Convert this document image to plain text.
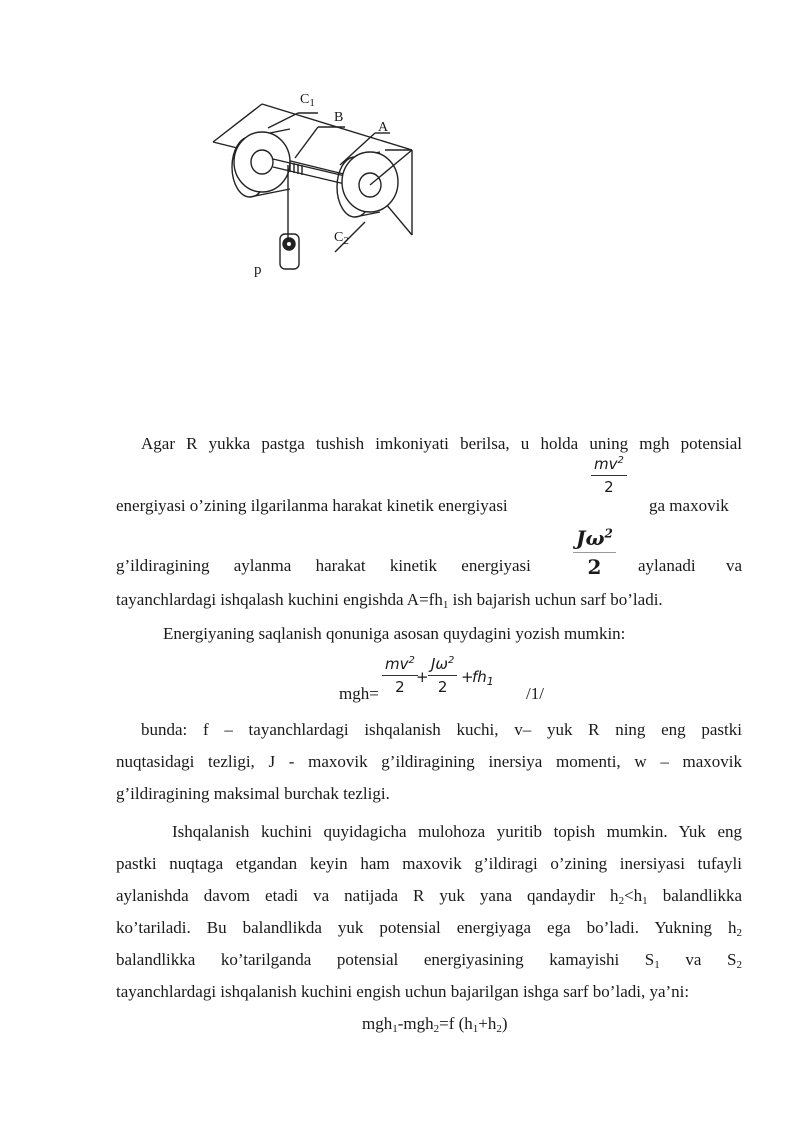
$C_1$
B
A
$C_2$
p
Agar R yukka pastga tushish imkoniyati berilsa, u holda uning mgh potensial
energiyasi o’zining ilgarilanma harakat kinetik energiyasi
$\frac{mv^2}{2}$
ga maxovik
g’ildiragining aylanma harakat kinetik energiyasi	$\frac{J\omega^2}{2}$ aylanadi va
tayanchlardagi ishqalash kuchini engishda $A=fh_1$ ish bajarish uchun sarf bo’ladi.
Energiyaning saqlanish qonuniga asosan quydagini yozish mumkin:
$mgh= \frac{mv^2}{2}$
+ $\frac{J\omega^2}{2}$ +
$fh_1$
/1/
bunda: f – tayanchlardagi ishqalanish kuchi, v– yuk R ning eng pastki
nuqtasidagi tezligi, J - maxovik g’ildiragining inersiya momenti, w – maxovik
g’ildiragining maksimal burchak tezligi.
Ishqalanish kuchini quyidagicha mulohoza yuritib topish mumkin. Yuk eng
pastki nuqtaga etgandan keyin ham maxovik g’ildiragi o’zining inersiyasi tufayli
aylanishda davom etadi va natijada R yuk yana qandaydir $h_2<h_1$ balandlikka
ko’tariladi. Bu balandlikda yuk potensial energiyaga ega bo’ladi. Yukning $h_2$
balandlikka ko’tarilganda potensial energiyasining kamayishi $S_1$ va $S_2$
tayanchlardagi ishqalanish kuchini engish uchun bajarilgan ishga sarf bo’ladi, ya’ni:
mgh$_1$-mgh$_2$=f $(h_1+h_2)$
